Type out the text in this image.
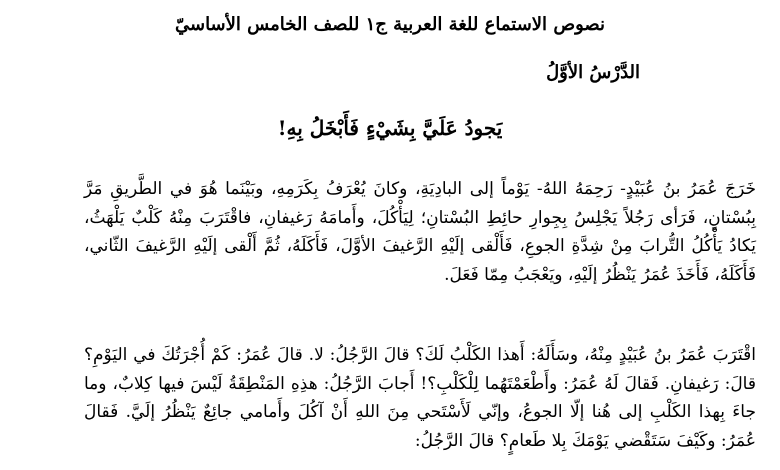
نصوص الاستماع للغة العربية ج١ للصف الخامس الأساسيّ
الدَّرْسُ الأوَّلُ
يَجودُ عَلَيَّ بِشَيْءٍ فَأَبْخَلُ بِهِ!

خَرَجَ عُمَرُ بنُ عُبَيْدٍ- رَحِمَهُ اللهُ- يَوْماً إلى البادِيَةِ، وكانَ يُعْرَفُ بِكَرَمِهِ، وبَيْنَما هُوَ في الطَّريقِ مَرَّ بِبُسْتانٍ، فَرَأى رَجُلاً يَجْلِسُ بِجِوارِ حائِطِ البُسْتانِ؛ لِيَأْكُلَ، وأَمامَهُ رَغيفانِ، فاقْتَرَبَ مِنْهُ كَلْبٌ يَلْهَثُ، يَكادُ يَأْكُلُ التُّرابَ مِنْ شِدَّةِ الجوعِ، فَأَلْقى إلَيْهِ الرَّغيفَ الأوَّلَ، فَأَكَلَهُ، ثُمَّ أَلْقى إلَيْهِ الرَّغيفَ الثّاني، فَأَكَلَهُ، فَأَخَذَ عُمَرُ يَنْظُرُ إلَيْهِ، ويَعْجَبُ مِمّا فَعَلَ.

اقْتَرَبَ عُمَرُ بنُ عُبَيْدٍ مِنْهُ، وسَأَلَهُ: أَهذا الكَلْبُ لَكَ؟ قالَ الرَّجُلُ: لا. قالَ عُمَرُ: كَمْ أُجْرَتُكَ في اليَوْمِ؟ قالَ: رَغيفانِ. فَقالَ لَهُ عُمَرُ: وأَطْعَمْتَهُما لِلْكَلْبِ؟! أَجابَ الرَّجُلُ: هذِهِ المَنْطِقَةُ لَيْسَ فيها كِلابٌ، وما جاءَ بِهذا الكَلْبِ إلى هُنا إلّا الجوعُ، وإنّي لَأَسْتَحي مِنَ اللهِ أَنْ آكُلَ وأَمامي جائِعٌ يَنْظُرُ إلَيَّ. فَقالَ عُمَرُ: وكَيْفَ سَتَقْضي يَوْمَكَ بِلا طَعامٍ؟ قالَ الرَّجُلُ:
